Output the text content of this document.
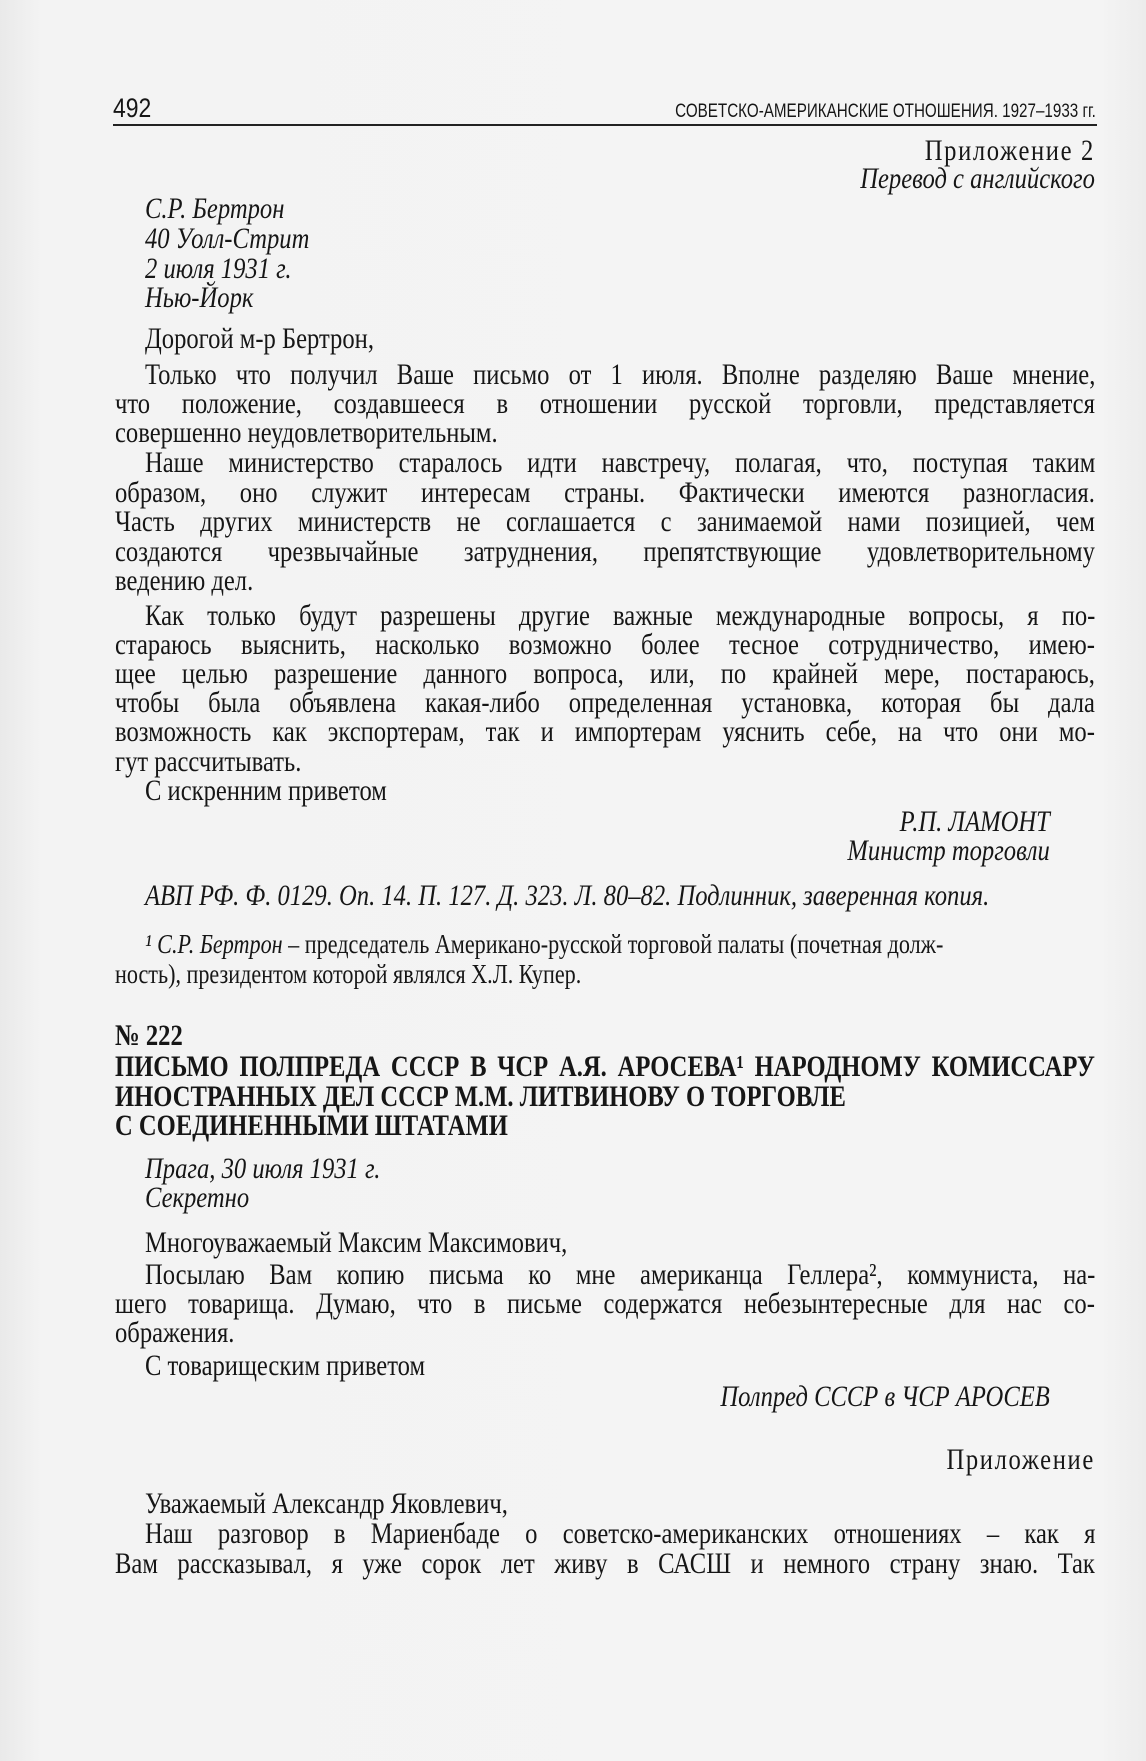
492	СОВЕТСКО-АМЕРИКАНСКИЕ ОТНОШЕНИЯ. 1927–1933 гг.
Приложение 2
Перевод с английского
С.Р. Бертрон
40 Уолл-Стрит
2 июля 1931 г.
Нью-Йорк
Дорогой м-р Бертрон,
Только что получил Ваше письмо от 1 июля. Вполне разделяю Ваше мнение,
что положение, создавшееся в отношении русской торговли, представляется
совершенно неудовлетворительным.
Наше министерство старалось идти навстречу, полагая, что, поступая таким
образом, оно служит интересам страны. Фактически имеются разногласия.
Часть других министерств не соглашается с занимаемой нами позицией, чем
создаются чрезвычайные затруднения, препятствующие удовлетворительному
ведению дел.
Как только будут разрешены другие важные международные вопросы, я по-
стараюсь выяснить, насколько возможно более тесное сотрудничество, имею-
щее целью разрешение данного вопроса, или, по крайней мере, постараюсь,
чтобы была объявлена какая-либо определенная установка, которая бы дала
возможность как экспортерам, так и импортерам уяснить себе, на что они мо-
гут рассчитывать.
С искренним приветом
Р.П. ЛАМОНТ
Министр торговли
АВП РФ. Ф. 0129. Оп. 14. П. 127. Д. 323. Л. 80–82. Подлинник, заверенная копия.
¹ С.Р. Бертрон – председатель Американо-русской торговой палаты (почетная долж-
ность), президентом которой являлся Х.Л. Купер.
№ 222
ПИСЬМО ПОЛПРЕДА СССР В ЧСР А.Я. АРОСЕВА¹ НАРОДНОМУ КОМИССАРУ
ИНОСТРАННЫХ ДЕЛ СССР М.М. ЛИТВИНОВУ О ТОРГОВЛЕ
С СОЕДИНЕННЫМИ ШТАТАМИ
Прага, 30 июля 1931 г.
Секретно
Многоуважаемый Максим Максимович,
Посылаю Вам копию письма ко мне американца Геллера², коммуниста, на-
шего товарища. Думаю, что в письме содержатся небезынтересные для нас со-
ображения.
С товарищеским приветом
Полпред СССР в ЧСР АРОСЕВ
Приложение
Уважаемый Александр Яковлевич,
Наш разговор в Мариенбаде о советско-американских отношениях – как я
Вам рассказывал, я уже сорок лет живу в САСШ и немного страну знаю. Так
